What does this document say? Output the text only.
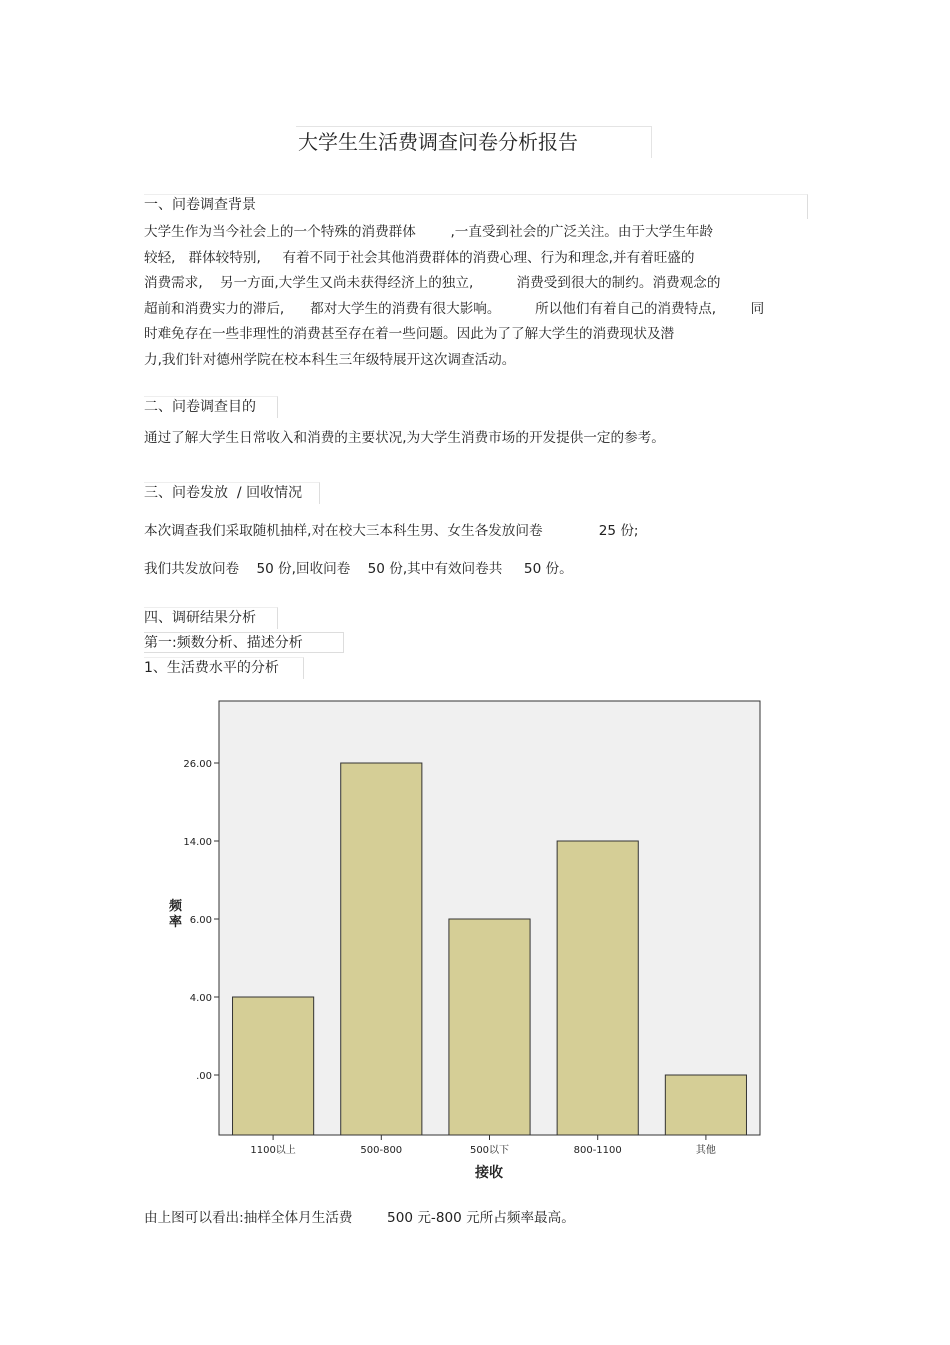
大学生生活费调查问卷分析报告
一、问卷调查背景
大学生作为当今社会上的一个特殊的消费群体        ,一直受到社会的广泛关注。由于大学生年龄
较轻,   群体较特别,     有着不同于社会其他消费群体的消费心理、行为和理念,并有着旺盛的
消费需求,    另一方面,大学生又尚未获得经济上的独立,          消费受到很大的制约。消费观念的
超前和消费实力的滞后,      都对大学生的消费有很大影响。        所以他们有着自己的消费特点,        同
时难免存在一些非理性的消费甚至存在着一些问题。因此为了了解大学生的消费现状及潜
力,我们针对德州学院在校本科生三年级特展开这次调查活动。
二、问卷调查目的
通过了解大学生日常收入和消费的主要状况,为大学生消费市场的开发提供一定的参考。
三、问卷发放  / 回收情况
本次调查我们采取随机抽样,对在校大三本科生男、女生各发放问卷             25 份;
我们共发放问卷    50 份,回收问卷    50 份,其中有效问卷共     50 份。
四、调研结果分析
第一:频数分析、描述分析
1、生活费水平的分析
.00
4.00
6.00
14.00
26.00
1100以上	500-800	500以下	800-1100	其他
频率
接收
由上图可以看出:抽样全体月生活费        500 元-800 元所占频率最高。
